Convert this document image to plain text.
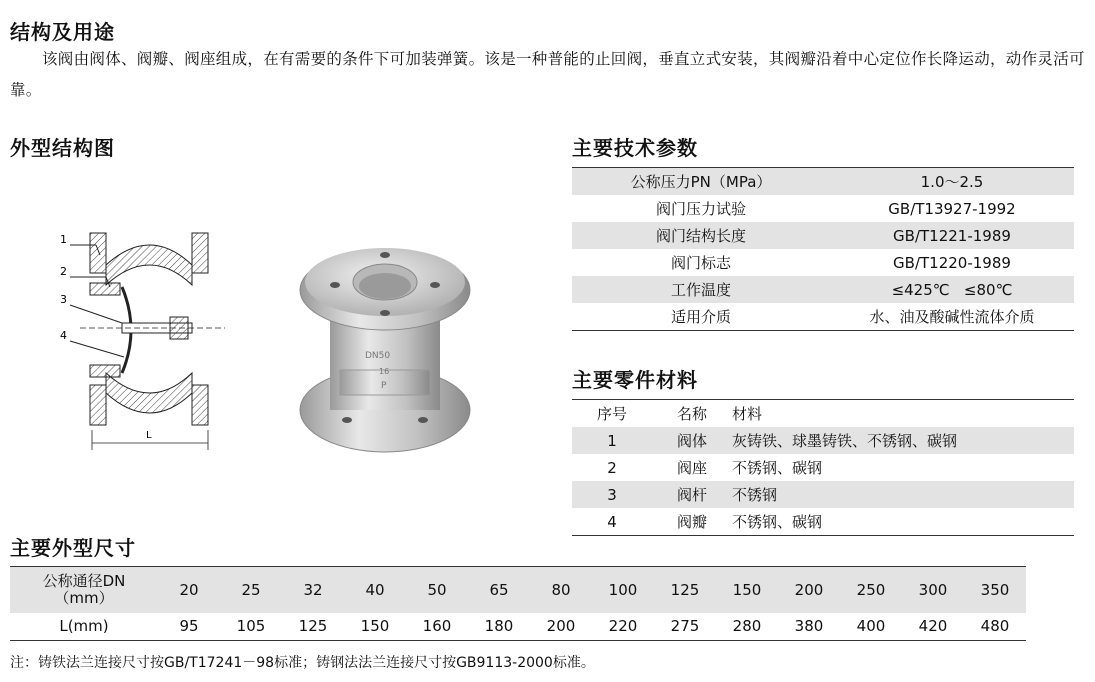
结构及用途
该阀由阀体、阀瓣、阀座组成，在有需要的条件下可加装弹簧。该是一种普能的止回阀，垂直立式安装，其阀瓣沿着中心定位作长降运动，动作灵活可靠。
外型结构图
1
2
3
4
L
DN50
16
P
主要技术参数
公称压力PN（MPa）	1.0～2.5
阀门压力试验	GB/T13927-1992
阀门结构长度	GB/T1221-1989
阀门标志	GB/T1220-1989
工作温度	≤425℃   ≤80℃
适用介质	水、油及酸碱性流体介质
主要零件材料
序号	名称	材料
1	阀体	灰铸铁、球墨铸铁、不锈钢、碳钢
2	阀座	不锈钢、碳钢
3	阀杆	不锈钢
4	阀瓣	不锈钢、碳钢
主要外型尺寸
公称通径DN
（mm）	20	25	32	40	50	65	80	100	125	150	200	250	300	350
L(mm)	95	105	125	150	160	180	200	220	275	280	380	400	420	480
注：铸铁法兰连接尺寸按GB/T17241－98标准；铸钢法法兰连接尺寸按GB9113-2000标准。
